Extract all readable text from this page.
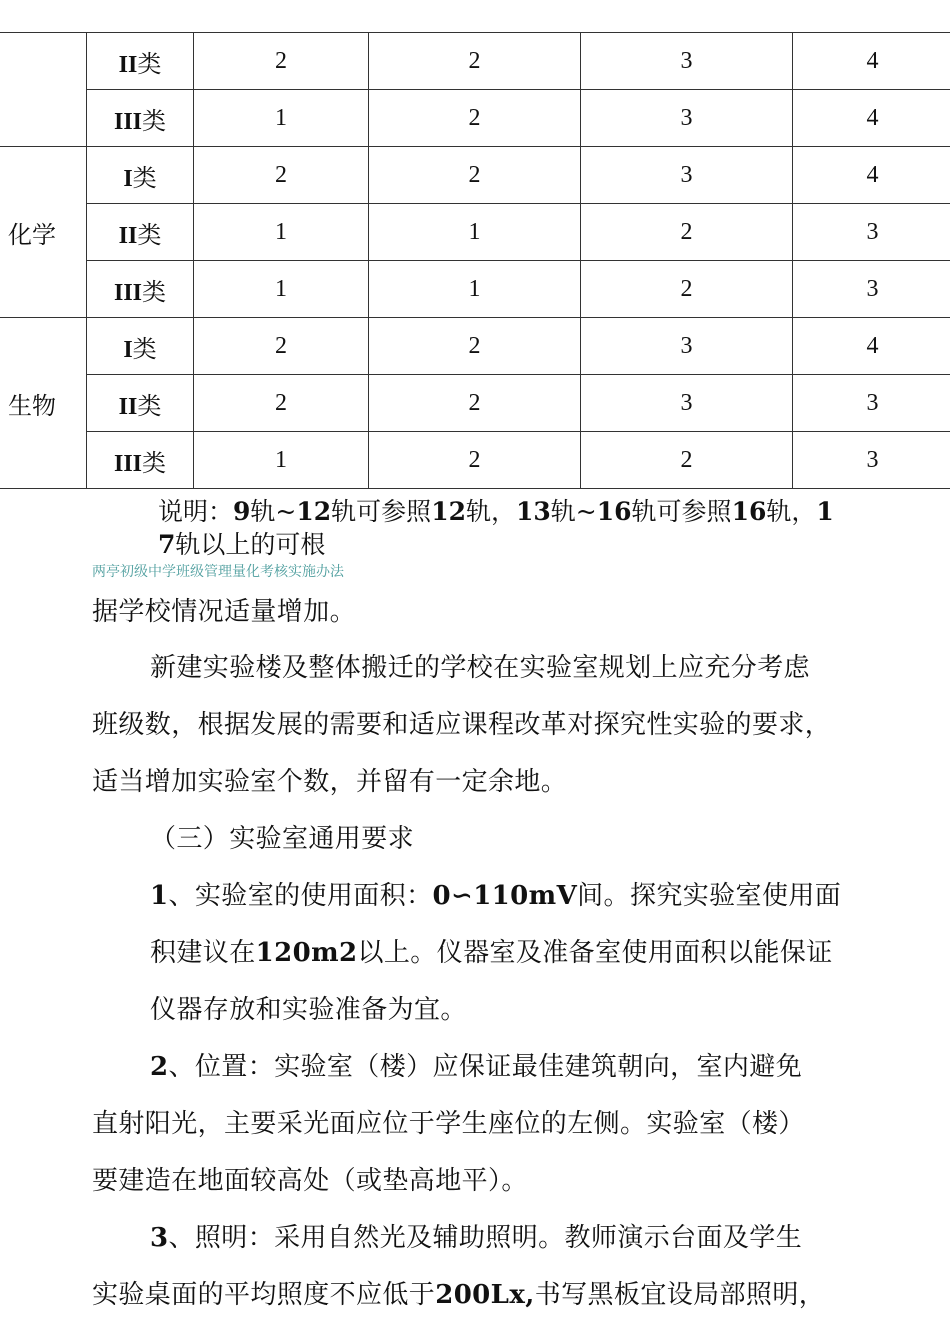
	II类	2	2	3	4
	III类	1	2	3	4
化学	I类	2	2	3	4
	II类	1	1	2	3
	III类	1	1	2	3
生物	I类	2	2	3	4
	II类	2	2	3	3
	III类	1	2	2	3
说明：9轨~12轨可参照12轨，13轨~16轨可参照16轨，1
7轨以上的可根
两亭初级中学班级管理量化考核实施办法
据学校情况适量增加。
新建实验楼及整体搬迁的学校在实验室规划上应充分考虑
班级数，根据发展的需要和适应课程改革对探究性实验的要求，
适当增加实验室个数，并留有一定余地。
（三）实验室通用要求
1、实验室的使用面积：0∽110mV间。探究实验室使用面
积建议在120m2以上。仪器室及准备室使用面积以能保证
仪器存放和实验准备为宜。
2、位置：实验室（楼）应保证最佳建筑朝向，室内避免
直射阳光，主要采光面应位于学生座位的左侧。实验室（楼）
要建造在地面较高处（或垫高地平）。
3、照明：采用自然光及辅助照明。教师演示台面及学生
实验桌面的平均照度不应低于200Lx,书写黑板宜设局部照明，
